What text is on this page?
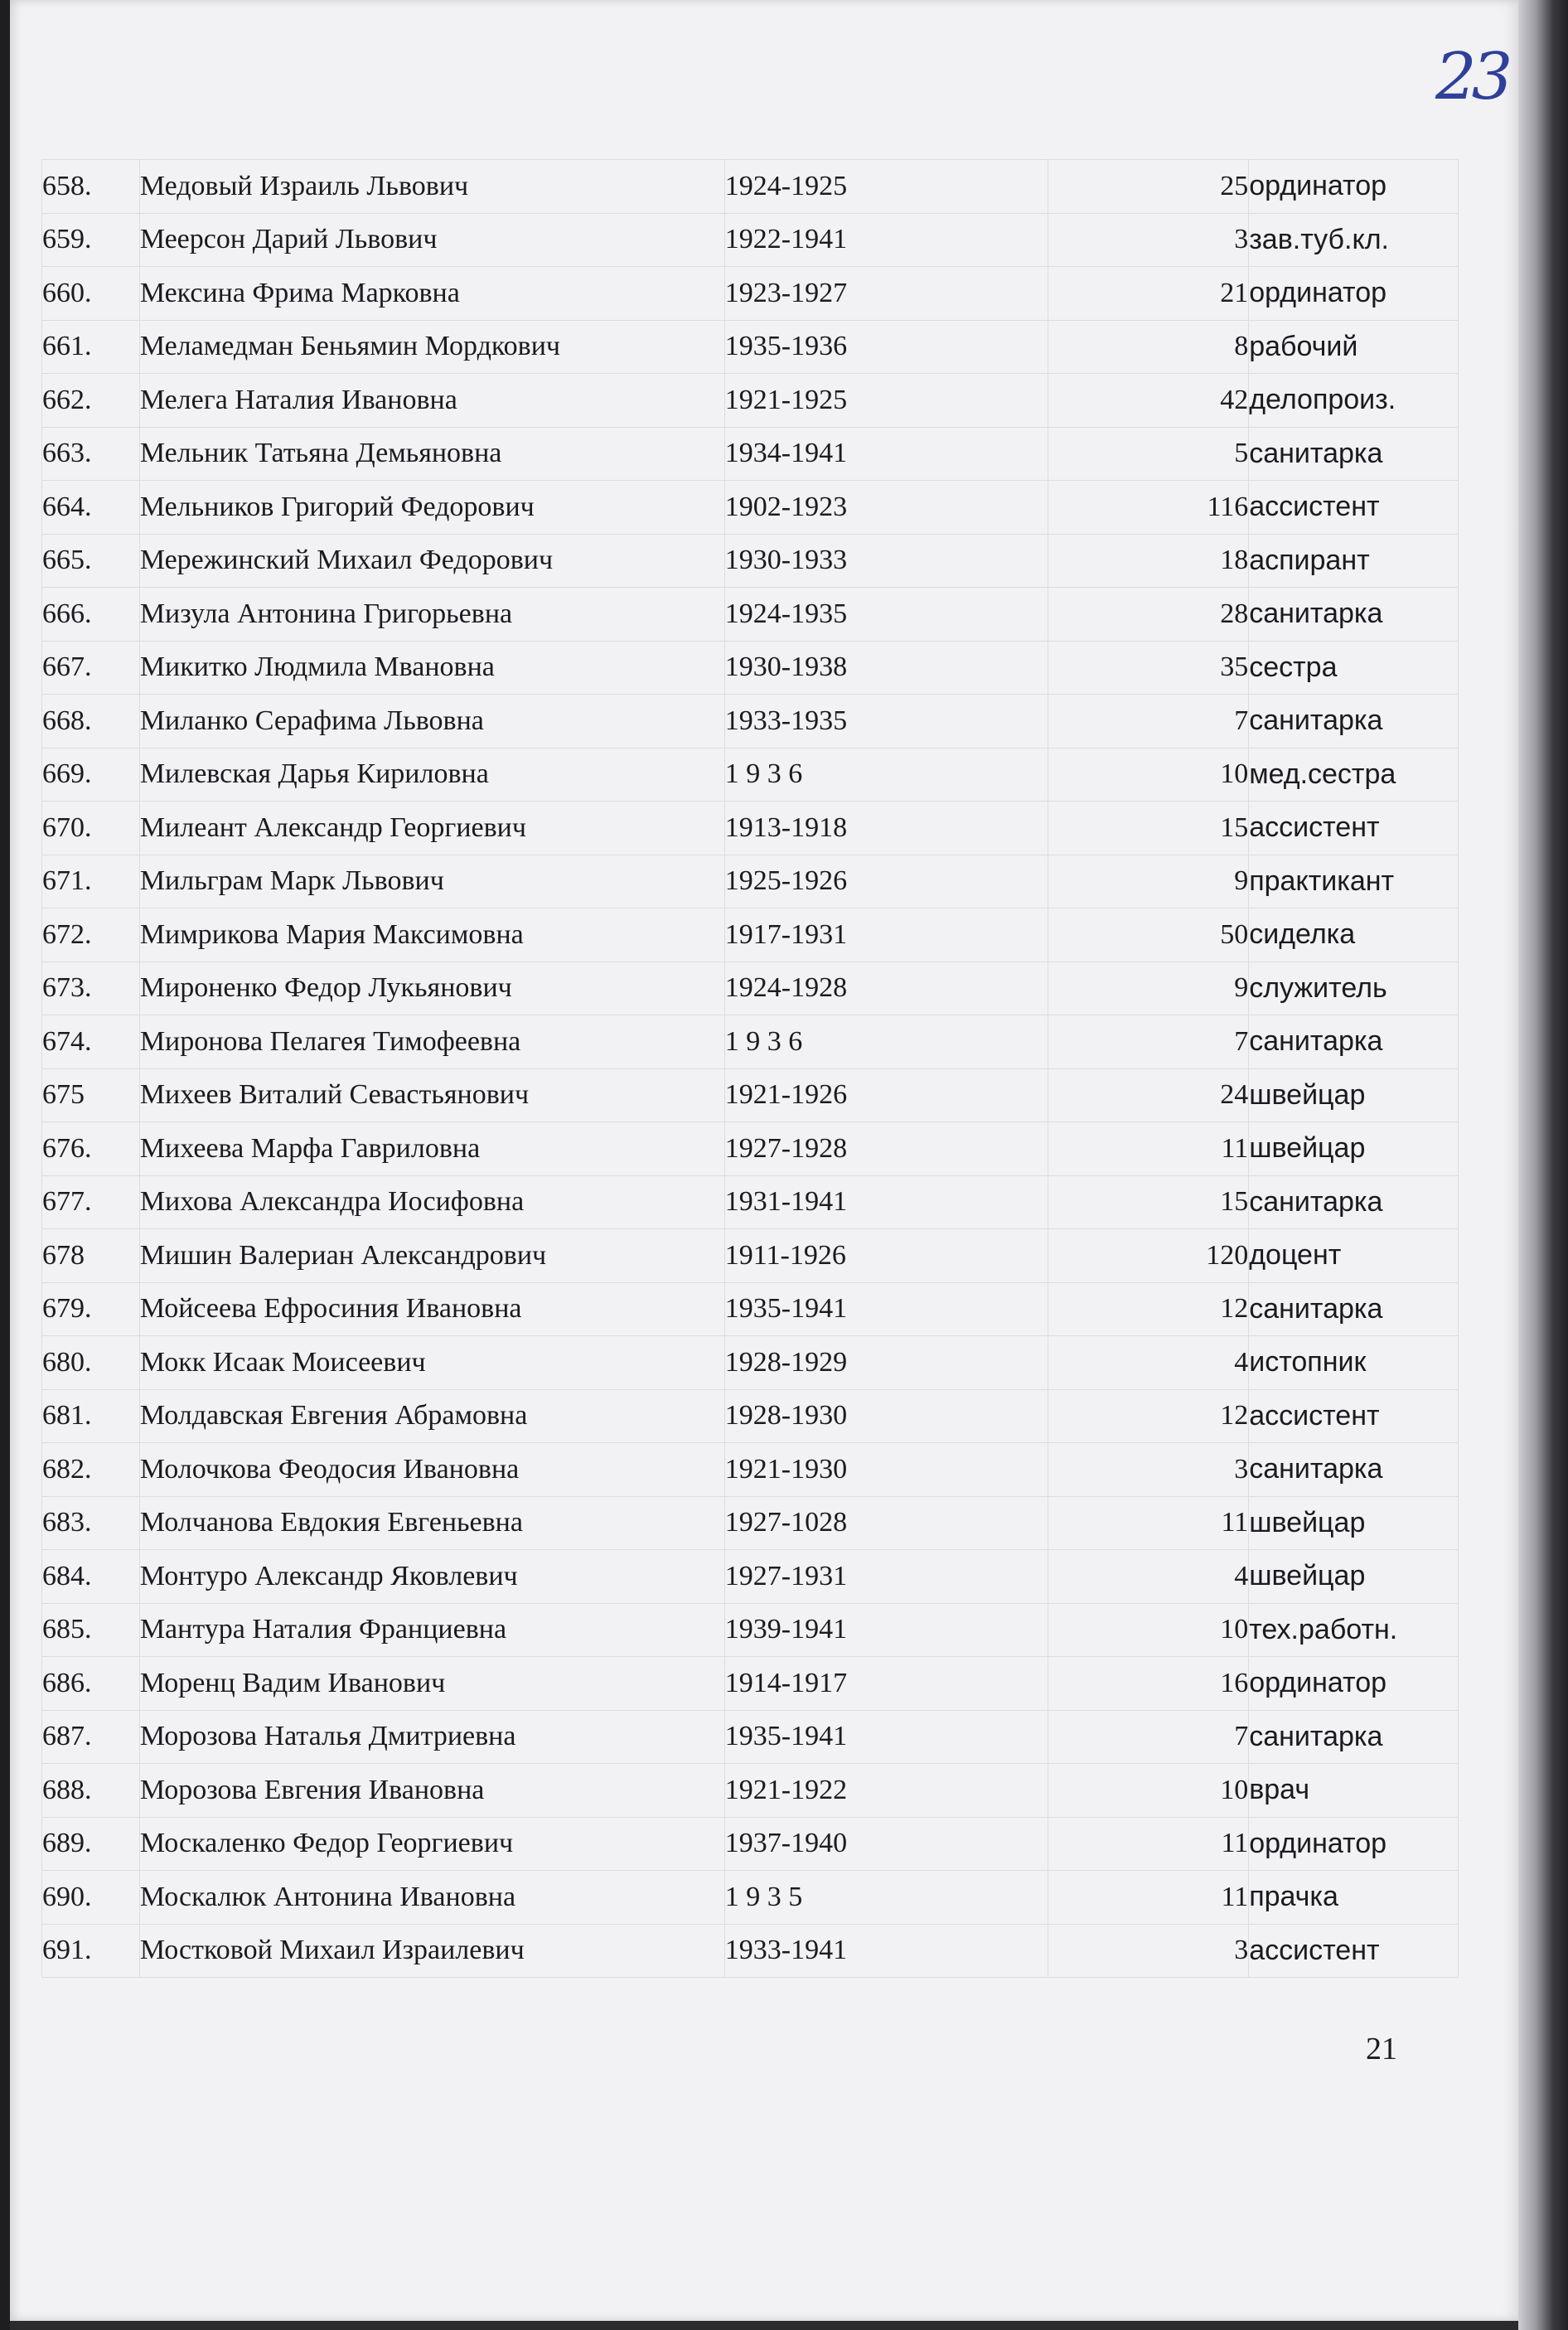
23
658.	Медовый Израиль Львович	1924-1925	25	ординатор
659.	Меерсон Дарий Львович	1922-1941	3	зав.туб.кл.
660.	Мексина Фрима Марковна	1923-1927	21	ординатор
661.	Меламедман Беньямин Мордкович	1935-1936	8	рабочий
662.	Мелега Наталия Ивановна	1921-1925	42	делопроиз.
663.	Мельник Татьяна Демьяновна	1934-1941	5	санитарка
664.	Мельников Григорий Федорович	1902-1923	116	ассистент
665.	Мережинский Михаил Федорович	1930-1933	18	аспирант
666.	Мизула Антонина Григорьевна	1924-1935	28	санитарка
667.	Микитко Людмила Мвановна	1930-1938	35	сестра
668.	Миланко Серафима Львовна	1933-1935	7	санитарка
669.	Милевская Дарья Кириловна	1 9 3 6	10	мед.сестра
670.	Милеант Александр Георгиевич	1913-1918	15	ассистент
671.	Мильграм Марк Львович	1925-1926	9	практикант
672.	Мимрикова Мария Максимовна	1917-1931	50	сиделка
673.	Мироненко Федор Лукьянович	1924-1928	9	служитель
674.	Миронова Пелагея Тимофеевна	1 9 3 6	7	санитарка
675	Михеев Виталий Севастьянович	1921-1926	24	швейцар
676.	Михеева Марфа Гавриловна	1927-1928	11	швейцар
677.	Михова Александра Иосифовна	1931-1941	15	санитарка
678	Мишин Валериан Александрович	1911-1926	120	доцент
679.	Мойсеева Ефросиния Ивановна	1935-1941	12	санитарка
680.	Мокк Исаак Моисеевич	1928-1929	4	истопник
681.	Молдавская Евгения Абрамовна	1928-1930	12	ассистент
682.	Молочкова Феодосия Ивановна	1921-1930	3	санитарка
683.	Молчанова Евдокия Евгеньевна	1927-1028	11	швейцар
684.	Монтуро Александр Яковлевич	1927-1931	4	швейцар
685.	Мантура Наталия Франциевна	1939-1941	10	тех.работн.
686.	Моренц Вадим Иванович	1914-1917	16	ординатор
687.	Морозова Наталья Дмитриевна	1935-1941	7	санитарка
688.	Морозова Евгения Ивановна	1921-1922	10	врач
689.	Москаленко Федор Георгиевич	1937-1940	11	ординатор
690.	Москалюк Антонина Ивановна	1 9 3 5	11	прачка
691.	Мостковой Михаил Израилевич	1933-1941	3	ассистент
21
